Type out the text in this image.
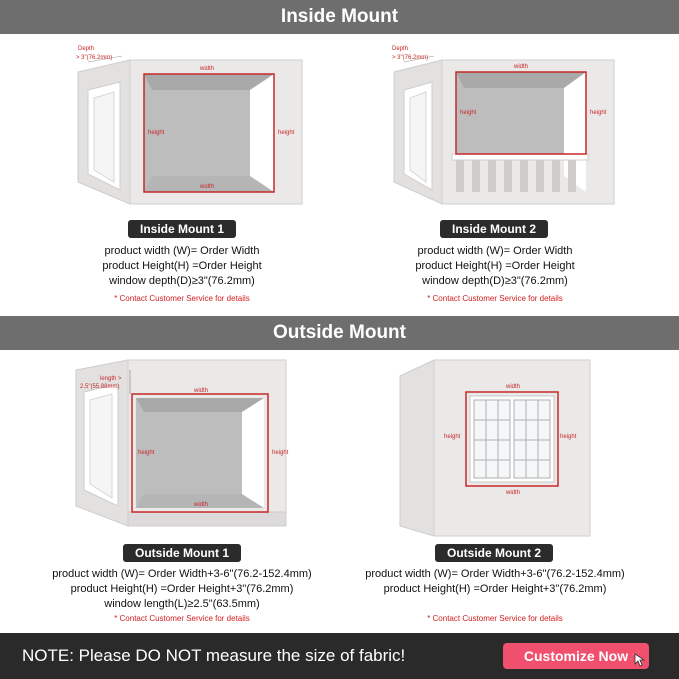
Inside Mount
Depth
> 3"(76.2mm)
width
width
height	height
Inside Mount 1
product width (W)= Order Width
product Height(H) =Order Height
window depth(D)≥3"(76.2mm)
* Contact Customer Service for details
Depth
> 3"(76.2mm)
width
height	height
Inside Mount 2
product width (W)= Order Width
product Height(H) =Order Height
window depth(D)≥3"(76.2mm)
* Contact Customer Service for details
Outside Mount
length >
2.5"(55.88mm)
width
width
height	height
Outside Mount 1
product width (W)= Order Width+3-6"(76.2-152.4mm)
product Height(H) =Order Height+3"(76.2mm)
window length(L)≥2.5"(63.5mm)
* Contact Customer Service for details
width
width
height	height
Outside Mount 2
product width (W)= Order Width+3-6"(76.2-152.4mm)
product Height(H) =Order Height+3"(76.2mm)
* Contact Customer Service for details
NOTE: Please DO NOT measure the size of fabric!	Customize Now
